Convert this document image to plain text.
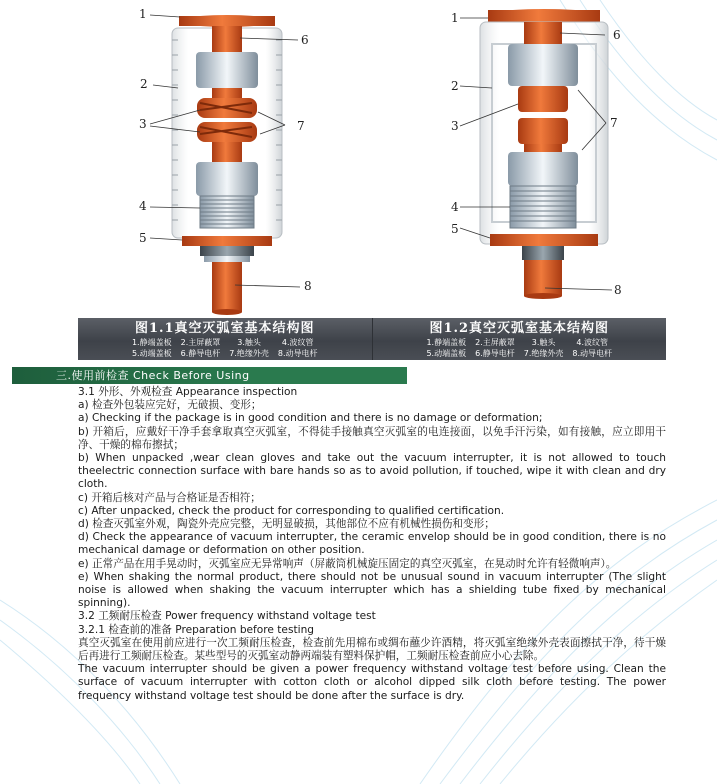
1
2
3
4
5
6
7
8
1
2
3
4
5
6
7
8
图1.1真空灭弧室基本结构图
1.静端盖板 2.主屏蔽罩	3.触头	4.波纹管
5.动端盖板 6.静导电杆 7.绝缘外壳 8.动导电杆
图1.2真空灭弧室基本结构图
1.静端盖板 2.主屏蔽罩	3.触头	4.波纹管
5.动端盖板 6.静导电杆 7.绝缘外壳 8.动导电杆
三.使用前检查 Check Before Using

3.1 外形、外观检查 Appearance inspection

a) 检查外包装应完好，无破损、变形；

a) Checking if the package is in good condition and there is no damage or deformation;

b) 开箱后，应戴好干净手套拿取真空灭弧室，不得徒手接触真空灭弧室的电连接面，以免手汗污染，如有接触，应立即用干净、干燥的棉布擦拭；

b) When unpacked ,wear clean gloves and take out the vacuum interrupter, it is not allowed to touch theelectric connection surface with bare hands so as to avoid pollution, if touched, wipe it with clean and dry cloth.

c) 开箱后核对产品与合格证是否相符；

c) After unpacked, check the product for corresponding to qualified certification.

d) 检查灭弧室外观，陶瓷外壳应完整，无明显破损，其他部位不应有机械性损伤和变形；

d) Check the appearance of vacuum interrupter, the ceramic envelop should be in good condition, there is no mechanical damage or deformation on other position.

e) 正常产品在用手晃动时，灭弧室应无异常响声（屏蔽筒机械旋压固定的真空灭弧室，在晃动时允许有轻微响声）。

e) When shaking the normal product, there should not be unusual sound in vacuum interrupter (The slight noise is allowed when shaking the vacuum interrupter which has a shielding tube fixed by mechanical spinning).

3.2 工频耐压检查 Power frequency withstand voltage test

3.2.1 检查前的准备 Preparation before testing

真空灭弧室在使用前应进行一次工频耐压检查，检查前先用棉布或绸布蘸少许酒精，将灭弧室绝缘外壳表面擦拭干净，待干燥后再进行工频耐压检查。某些型号的灭弧室动静两端装有塑料保护帽，工频耐压检查前应小心去除。

The vacuum interrupter should be given a power frequency withstand voltage test before using. Clean the surface of vacuum interrupter with cotton cloth or alcohol dipped silk cloth before testing. The power frequency withstand voltage test should be done after the surface is dry.
